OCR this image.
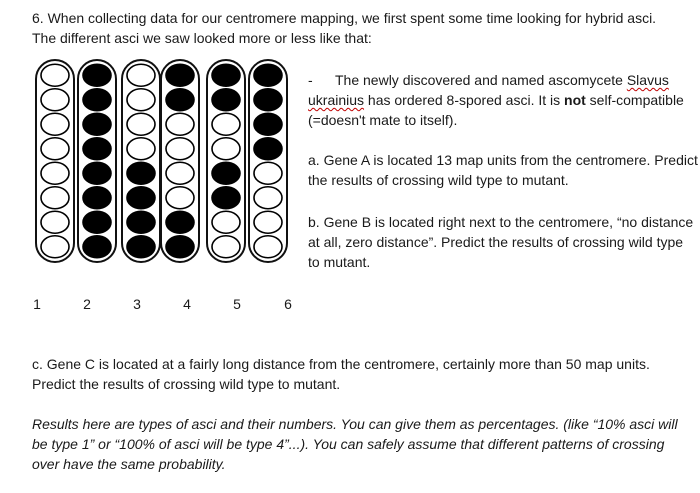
6. When collecting data for our centromere mapping, we first spent some time looking for hybrid asci.
The different asci we saw looked more or less like that:

1	2	3	4	5	6

- The newly discovered and named ascomycete Slavus
ukrainius has ordered 8-spored asci. It is not self-compatible (=doesn't mate to itself).

a. Gene A is located 13 map units from the centromere. Predict the results of crossing wild type to mutant.

b. Gene B is located right next to the centromere, “no distance at all, zero distance”. Predict the results of crossing wild type to mutant.

c. Gene C is located at a fairly long distance from the centromere, certainly more than 50 map units. Predict the results of crossing wild type to mutant.

Results here are types of asci and their numbers. You can give them as percentages. (like “10% asci will be type 1” or “100% of asci will be type 4”...). You can safely assume that different patterns of crossing over have the same probability.
